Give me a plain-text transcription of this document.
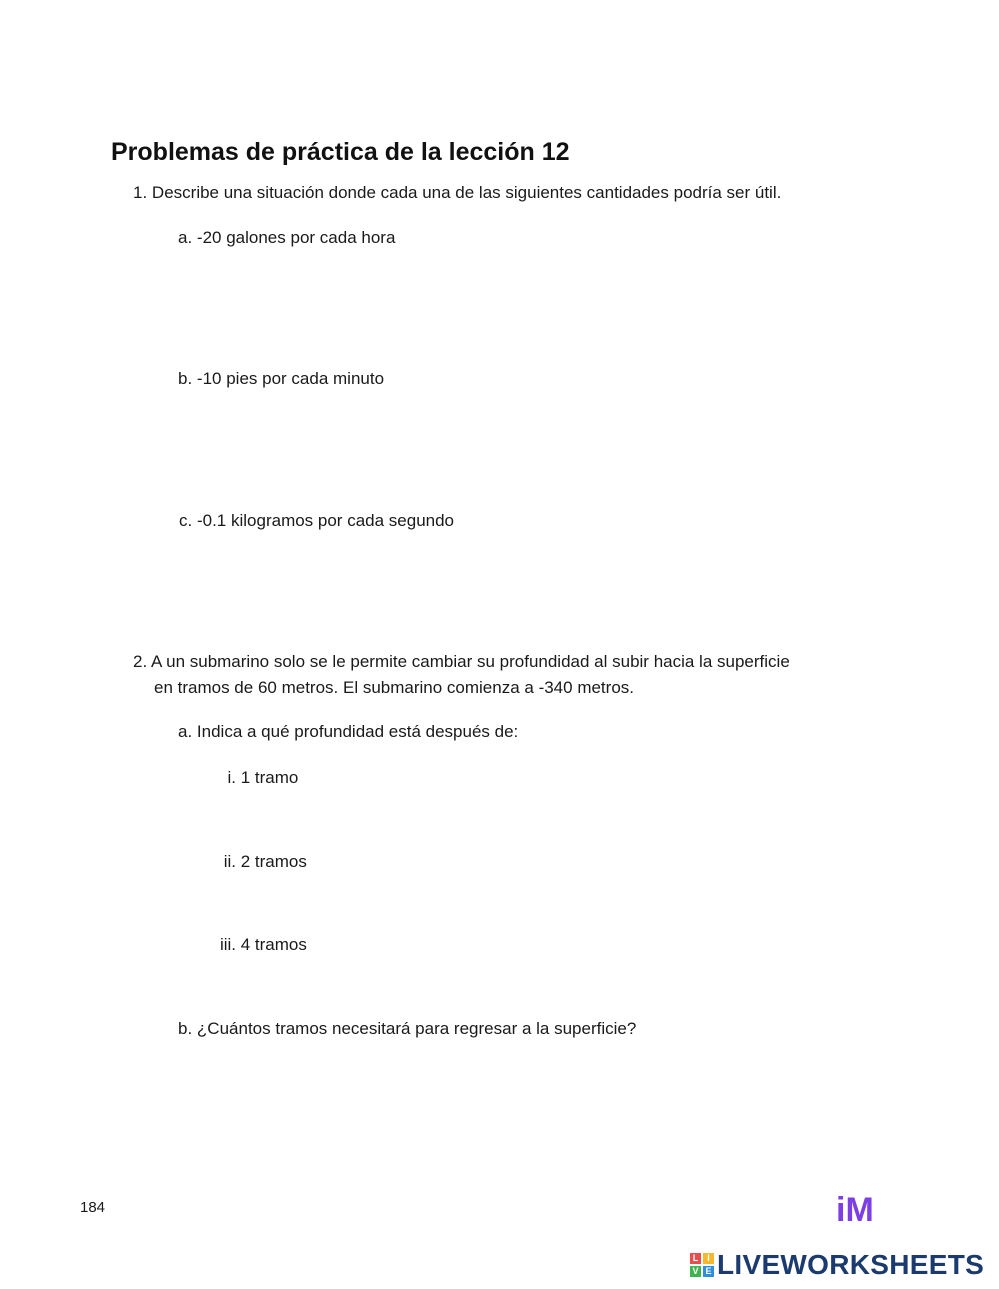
Problemas de práctica de la lección 12
1. Describe una situación donde cada una de las siguientes cantidades podría ser útil.
a. -20 galones por cada hora
b. -10 pies por cada minuto
c. -0.1 kilogramos por cada segundo
2. A un submarino solo se le permite cambiar su profundidad al subir hacia la superficie
en tramos de 60 metros. El submarino comienza a -340 metros.
a. Indica a qué profundidad está después de:
i. 1 tramo
ii. 2 tramos
iii. 4 tramos
b. ¿Cuántos tramos necesitará para regresar a la superficie?
184	iM
L I
V E LIVEWORKSHEETS
